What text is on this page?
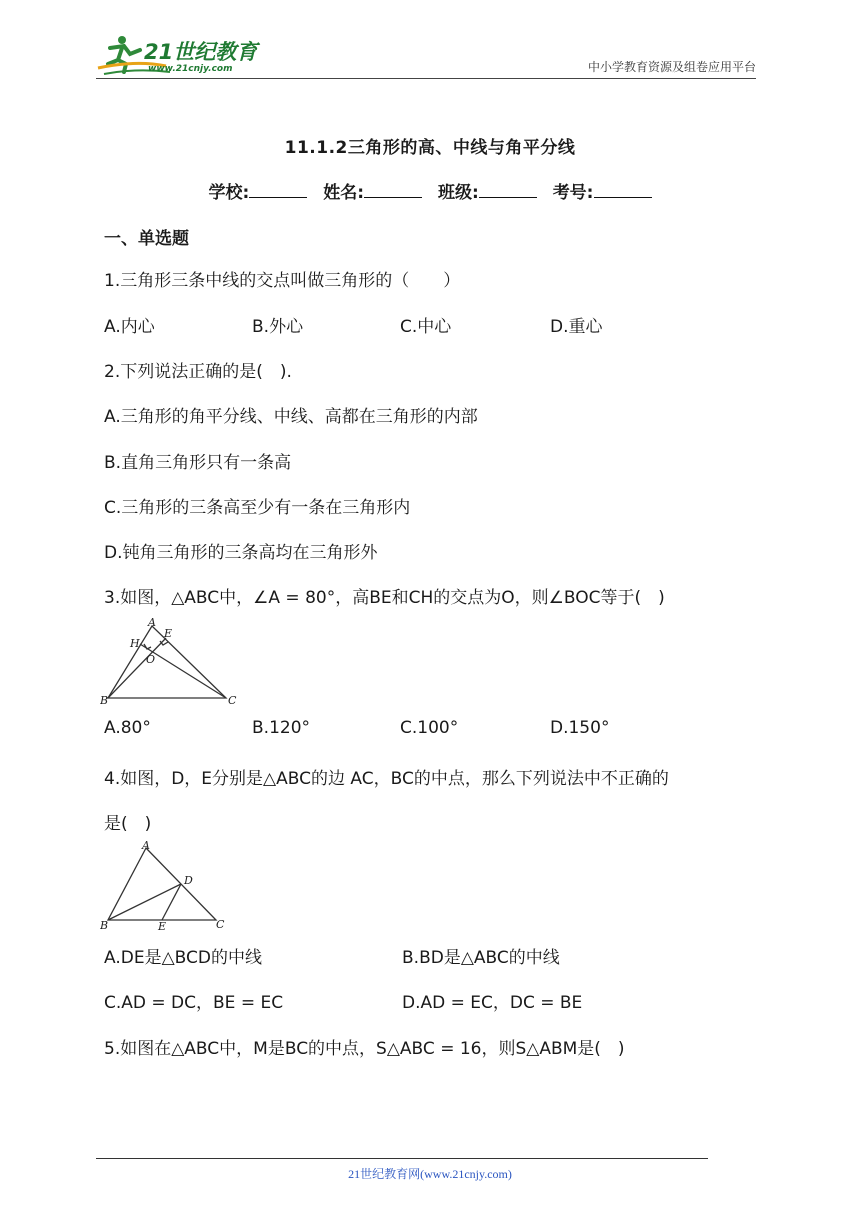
21世纪教育
www.21cnjy.com	中小学教育资源及组卷应用平台
11.1.2三角形的高、中线与角平分线
学校:	姓名:	班级:	考号:
一、单选题
1.三角形三条中线的交点叫做三角形的（　　）
A.内心	B.外心	C.中心	D.重心
2.下列说法正确的是(　).
A.三角形的角平分线、中线、高都在三角形的内部
B.直角三角形只有一条高
C.三角形的三条高至少有一条在三角形内
D.钝角三角形的三条高均在三角形外
3.如图，△ABC中，∠A = 80°，高BE和CH的交点为O，则∠BOC等于(　)
A
E
H
O
B	C
A.80°	B.120°	C.100°	D.150°
4.如图，D，E分别是△ABC的边 AC，BC的中点，那么下列说法中不正确的
是(　)
A
D
B	E	C
A.DE是△BCD的中线	B.BD是△ABC的中线
C.AD = DC，BE = EC	D.AD = EC，DC = BE
5.如图在△ABC中，M是BC的中点，S△ABC = 16，则S△ABM是(　)
21世纪教育网(www.21cnjy.com)
